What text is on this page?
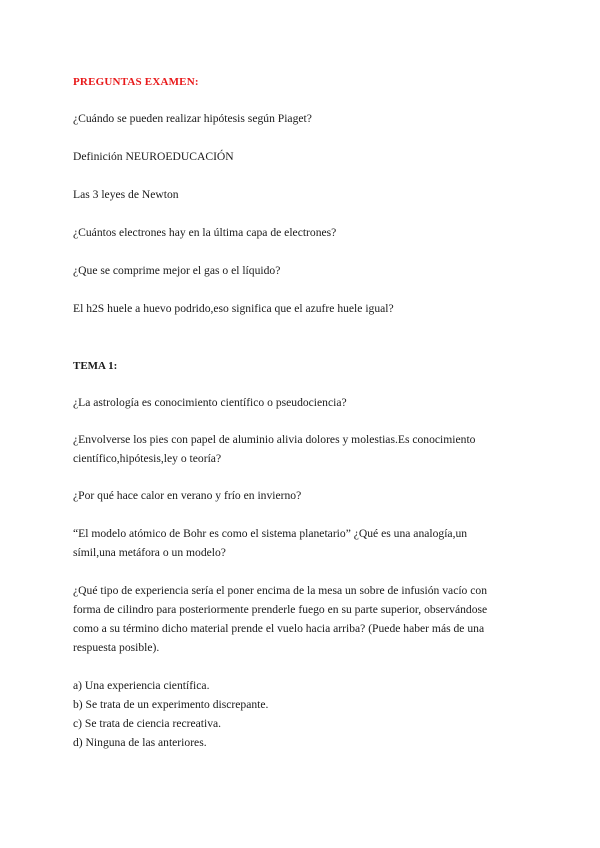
PREGUNTAS EXAMEN:
¿Cuándo se pueden realizar hipótesis según Piaget?
Definición NEUROEDUCACIÓN
Las 3 leyes de Newton
¿Cuántos electrones hay en la última capa de electrones?
¿Que se comprime mejor el gas o el líquido?
El h2S huele a huevo podrido,eso significa que el azufre huele igual?
TEMA 1:
¿La astrología es conocimiento científico o pseudociencia?
¿Envolverse los pies con papel de aluminio alivia dolores y molestias.Es conocimiento
científico,hipótesis,ley o teoría?
¿Por qué hace calor en verano y frío en invierno?
“El modelo atómico de Bohr es como el sistema planetario” ¿Qué es una analogía,un
símil,una metáfora o un modelo?
¿Qué tipo de experiencia sería el poner encima de la mesa un sobre de infusión vacío con
forma de cilindro para posteriormente prenderle fuego en su parte superior, observándose
como a su término dicho material prende el vuelo hacia arriba? (Puede haber más de una
respuesta posible).
a) Una experiencia científica.
b) Se trata de un experimento discrepante.
c) Se trata de ciencia recreativa.
d) Ninguna de las anteriores.
